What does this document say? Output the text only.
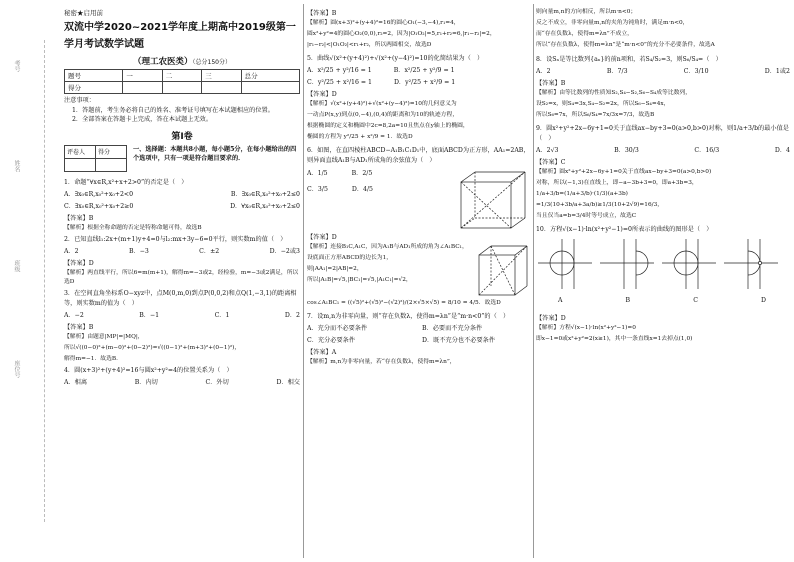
考号
姓名
班级
座位号
秘密★启用前
双流中学2020~2021学年度上期高中2019级第一
学月考试数学试题
（理工农医类）（总分150分）
题号	一	二	三	总分
得分				

注意事项：

1．答题前，考生务必将自己的姓名、准考证号填写在本试题相应的位置。

2．全部答案在答题卡上完成，答在本试题上无效。

第Ⅰ卷
评卷人	得分
		一、选择题：本题共8小题，每小题5分，在每小题给出的四个选项中，只有一项是符合题目要求的．

1．命题“∀x∈R,x²+x+2>0”的否定是（　）

A．∃x₀∈R,x₀²+x₀+2<0	B．∃x₀∈R,x₀²+x₀+2≤0
C．∃x₀∈R,x₀²+x₀+2≥0	D．∀x₀∈R,x₀²+x₀+2≤0

【答案】B

【解析】根据全称命题的否定是特称命题可得，故选B

2．已知直线l₁:2x+(m+1)y+4=0与l₂:mx+3y−6=0平行，则实数m的值（　）

A．2	B．−3	C．±2	D．−2或3

【答案】D

【解析】两直线平行，所以6=m(m+1)，解得m=−3或2，经检验，m=−3或2满足，所以选D

3．在空间直角坐标系O−xyz中，点M(0,m,0)到点P(0,0,2)和点Q(1,−3,1)的距离相等，则实数m的值为（　）

A．−2	B．−1	C．1	D．2

【答案】B

【解析】由题意|MP|=|MQ|，

所以√((0−0)²+(m−0)²+(0−2)²)=√((0−1)²+(m+3)²+(0−1)²)，

解得m=−1．故选B．

4．圆(x+3)²+(y+4)²=16与圆x²+y²=4的位置关系为（　）

A．相离	B．内切	C．外切	D．相交

【答案】B

【解析】圆(x+3)²+(y+4)²=16的圆心O₁(−3,−4),r₁=4，

圆x²+y²=4的圆心O₂(0,0),r₂=2，因为|O₁O₂|=5,r₁+r₂=6,|r₁−r₂|=2，

|r₁−r₂|<|O₁O₂|<r₁+r₂，所以两圆相交，故选D

5．曲线√(x²+(y+4)²)+√(x²+(y−4)²)=10的化简结果为（　）

A．x²/25 + y²/16 = 1	B．x²/25 + y²/9 = 1
C．y²/25 + x²/16 = 1	D．y²/25 + x²/9 = 1

【答案】D

【解析】√(x²+(y+4)²)+√(x²+(y−4)²)=10的几何意义为

一动点P(x,y)到点(0,−4),(0,4)的距离和为10的轨迹方程，

根据椭圆的定义和椭圆中2c=8,2a=10且焦点在y轴上的椭圆，

椭圆的方程为 y²/25 + x²/9 = 1．故选D

6．如图，在直四棱柱ABCD−A₁B₁C₁D₁中，底面ABCD为正方形，AA₁=2AB，则异面直线A₁B与AD₁所成角的余弦值为（　）

A．1/5	B．2/5
C．3/5	D．4/5

【答案】D

【解析】连接B₁C,A₁C，因为A₁B与AD₁所成的角为∠A₁BC₁，

设底面正方形ABCD的边长为1，

则|AA₁|=2|AB|=2，

所以|A₁B|=√5,|BC₁|=√5,|A₁C₁|=√2，

cos∠A₁BC₁ = ((√5)²+(√5)²−(√2)²)/(2×√5×√5) = 8/10 = 4/5．故选D

7．设m,n为非零向量，则“存在负数λ，使得m=λn”是“m·n<0”的（　）

A．充分而不必要条件	B．必要而不充分条件
C．充分必要条件	D．既不充分也不必要条件

【答案】A

【解析】m,n为非零向量，若“存在负数λ，使得m=λn”，

则向量m,n的方向相反，所以m·n<0；

反之不成立，非零向量m,n的夹角为钝角时，满足m·n<0，

而“存在负数λ，使得m=λn”不成立，

所以“存在负数λ，使得m=λn”是“m·n<0”的充分不必要条件，故选A

8．设Sₙ是等比数列{aₙ}的前n项和，若S₄/S₂=3，则S₆/S₄=（　）

A．2	B．7/3	C．3/10	D．1或2

【答案】B

【解析】由等比数列的性质知S₂,S₄−S₂,S₆−S₄成等比数列，

设S₂=x，则S₄=3x,S₄−S₂=2x，所以S₆−S₄=4x，

所以S₆=7x，所以S₆/S₄=7x/3x=7/3，故选B

9．圆x²+y²+2x−6y+1=0关于直线ax−by+3=0(a>0,b>0)对称，则1/a+3/b的最小值是（　）

A．2√3	B．30/3	C．16/3	D．4

【答案】C

【解析】圆x²+y²+2x−6y+1=0关于直线ax−by+3=0(a>0,b>0)

对称，所以(−1,3)在直线上，即−a−3b+3=0，即a+3b=3，

1/a+3/b=(1/a+3/b)·(1/3)(a+3b)

=1/3(10+3b/a+3a/b)≥1/3(10+2√9)=16/3，

当且仅当a=b=3/4时等号成立，故选C

10．方程√(x−1)·ln(x²+y²−1)=0所表示的曲线的图形是（　）

A	B	C	D

【答案】D

【解析】方程√(x−1)·ln(x²+y²−1)=0

即x−1=0或x²+y²=2(x≥1)，其中一条直线x=1去掉点(1,0)
